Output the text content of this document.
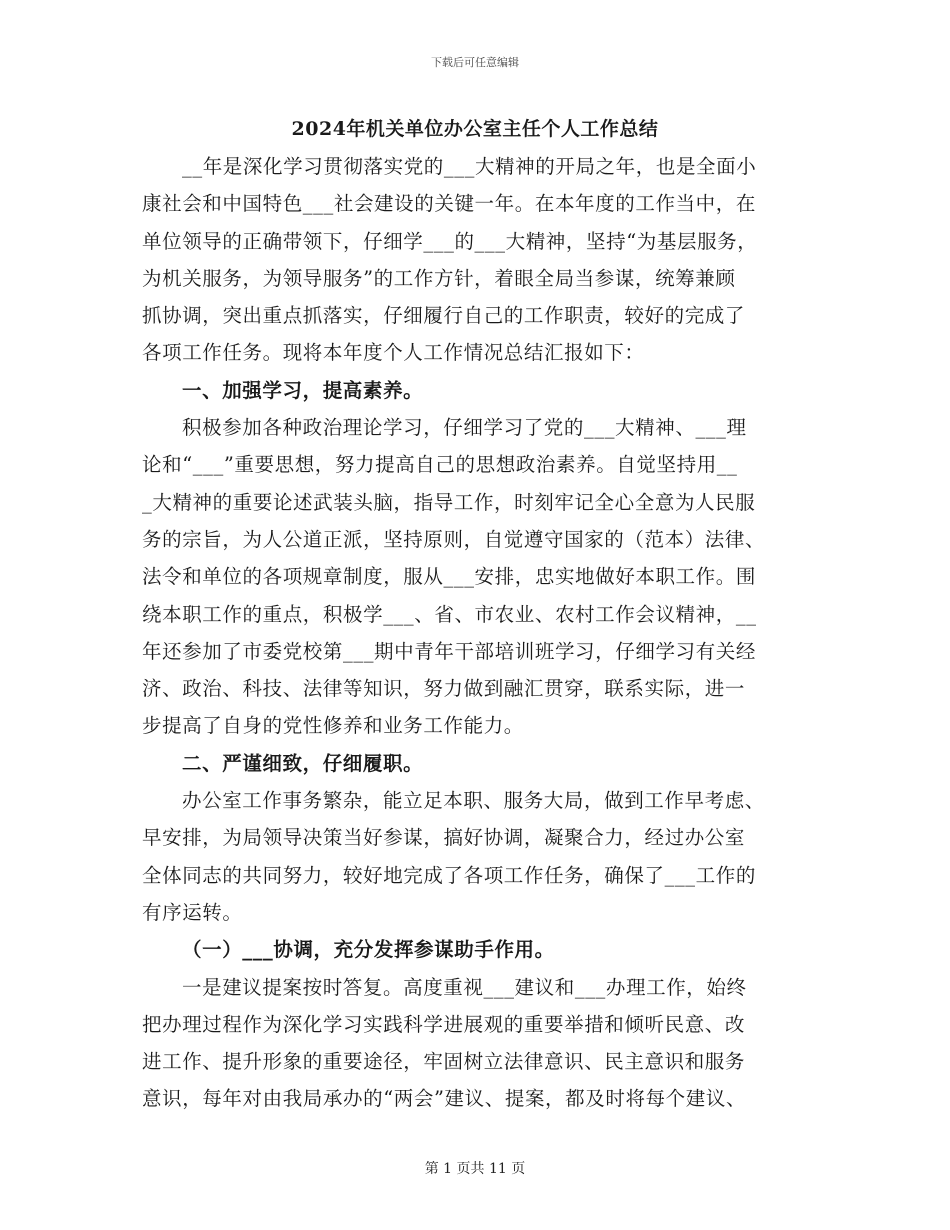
下载后可任意编辑
2024年机关单位办公室主任个人工作总结
__年是深化学习贯彻落实党的___大精神的开局之年，也是全面小
康社会和中国特色___社会建设的关键一年。在本年度的工作当中，在
单位领导的正确带领下，仔细学___的___大精神，坚持“为基层服务，
为机关服务，为领导服务”的工作方针，着眼全局当参谋，统筹兼顾
抓协调，突出重点抓落实，仔细履行自己的工作职责，较好的完成了
各项工作任务。现将本年度个人工作情况总结汇报如下：
一、加强学习，提高素养。
积极参加各种政治理论学习，仔细学习了党的___大精神、___理
论和“___”重要思想，努力提高自己的思想政治素养。自觉坚持用__
_大精神的重要论述武装头脑，指导工作，时刻牢记全心全意为人民服
务的宗旨，为人公道正派，坚持原则，自觉遵守国家的（范本）法律、
法令和单位的各项规章制度，服从___安排，忠实地做好本职工作。围
绕本职工作的重点，积极学___、省、市农业、农村工作会议精神，__
年还参加了市委党校第___期中青年干部培训班学习，仔细学习有关经
济、政治、科技、法律等知识，努力做到融汇贯穿，联系实际，进一
步提高了自身的党性修养和业务工作能力。
二、严谨细致，仔细履职。
办公室工作事务繁杂，能立足本职、服务大局，做到工作早考虑、
早安排，为局领导决策当好参谋，搞好协调，凝聚合力，经过办公室
全体同志的共同努力，较好地完成了各项工作任务，确保了___工作的
有序运转。
（一）___协调，充分发挥参谋助手作用。
一是建议提案按时答复。高度重视___建议和___办理工作，始终
把办理过程作为深化学习实践科学进展观的重要举措和倾听民意、改
进工作、提升形象的重要途径，牢固树立法律意识、民主意识和服务
意识，每年对由我局承办的“两会”建议、提案，都及时将每个建议、
第 1 页共 11 页
